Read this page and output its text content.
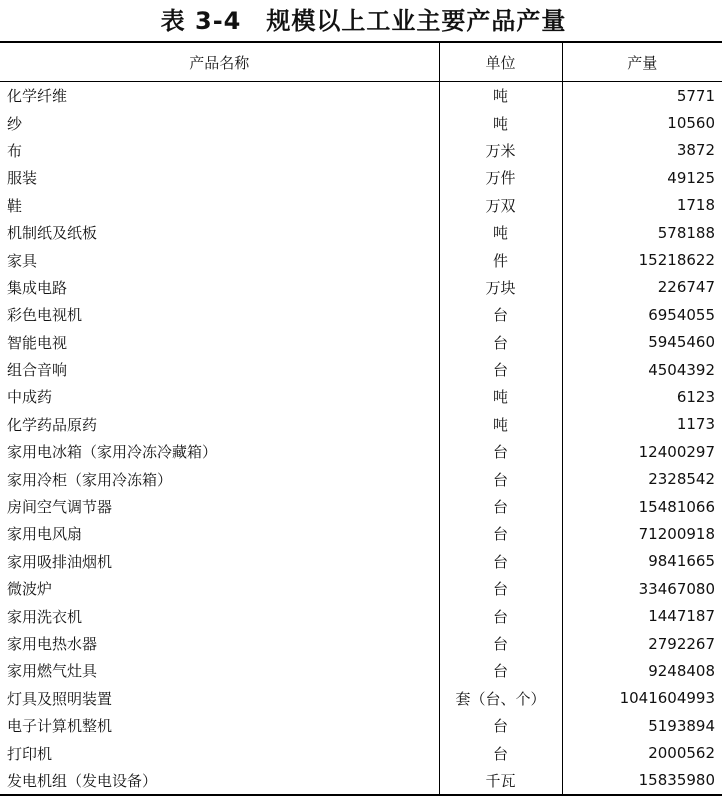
表 3-4　规模以上工业主要产品产量
产品名称	单位	产量
化学纤维	吨	5771
纱	吨	10560
布	万米	3872
服装	万件	49125
鞋	万双	1718
机制纸及纸板	吨	578188
家具	件	15218622
集成电路	万块	226747
彩色电视机	台	6954055
智能电视	台	5945460
组合音响	台	4504392
中成药	吨	6123
化学药品原药	吨	1173
家用电冰箱（家用冷冻冷藏箱）	台	12400297
家用冷柜（家用冷冻箱）	台	2328542
房间空气调节器	台	15481066
家用电风扇	台	71200918
家用吸排油烟机	台	9841665
微波炉	台	33467080
家用洗衣机	台	1447187
家用电热水器	台	2792267
家用燃气灶具	台	9248408
灯具及照明装置	套（台、个）	1041604993
电子计算机整机	台	5193894
打印机	台	2000562
发电机组（发电设备）	千瓦	15835980
